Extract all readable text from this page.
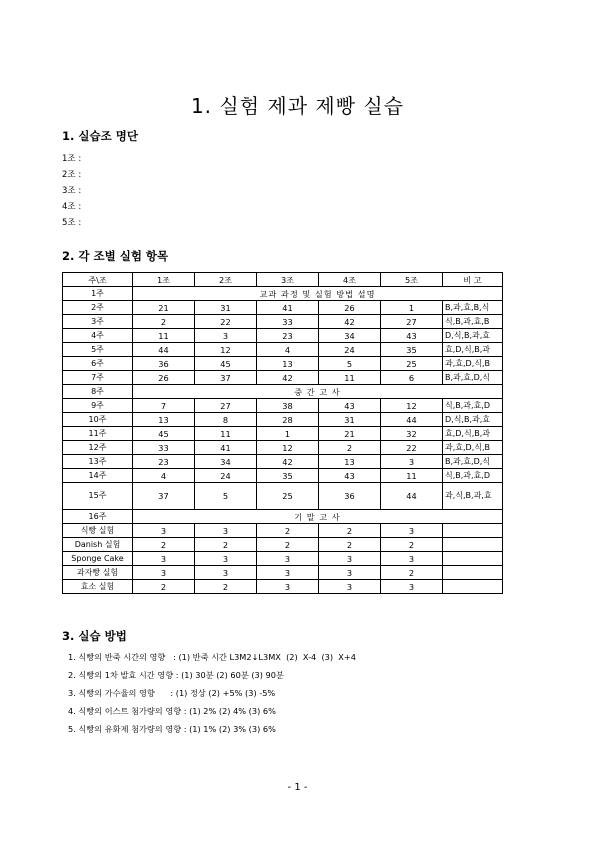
1. 실험 제과 제빵 실습
1. 실습조 명단
1조 :
2조 :
3조 :
4조 :
5조 :
2. 각 조별 실험 항목
주\조	1조	2조	3조	4조	5조	비 고
1주	교과 과정 및 실험 방법 설명					
2주	21	31	41	26	1	B,과,효,B,식
3주	2	22	33	42	27	식,B,과,효,B
4주	11	3	23	34	43	D,식,B,과,효
5주	44	12	4	24	35	효,D,식,B,과
6주	36	45	13	5	25	과,효,D,식,B
7주	26	37	42	11	6	B,과,효,D,식
8주	중 간 고 사					
9주	7	27	38	43	12	식,B,과,효,D
10주	13	8	28	31	44	D,식,B,과,효
11주	45	11	1	21	32	효,D,식,B,과
12주	33	41	12	2	22	과,효,D,식,B
13주	23	34	42	13	3	B,과,효,D,식
14주	4	24	35	43	11	식,B,과,효,D
15주	37	5	25	36	44	과,식,B,과,효
16주	기 말 고 사					
식빵 실험	3	3	2	2	3	
Danish 실험	2	2	2	2	2	
Sponge Cake	3	3	3	3	3	
과자빵 실험	3	3	3	3	2	
효소 실험	2	2	3	3	3	
3. 실습 방법
1. 식빵의 반죽 시간의 영향   : (1) 반죽 시간 L3M2↓L3MX  (2)  X-4  (3)  X+4
2. 식빵의 1차 발효 시간 영향 : (1) 30분 (2) 60분 (3) 90분
3. 식빵의 가수율의 영향      : (1) 정상 (2) +5% (3) -5%
4. 식빵의 이스트 첨가량의 영향 : (1) 2% (2) 4% (3) 6%
5. 식빵의 유화제 첨가량의 영향 : (1) 1% (2) 3% (3) 6%
- 1 -
